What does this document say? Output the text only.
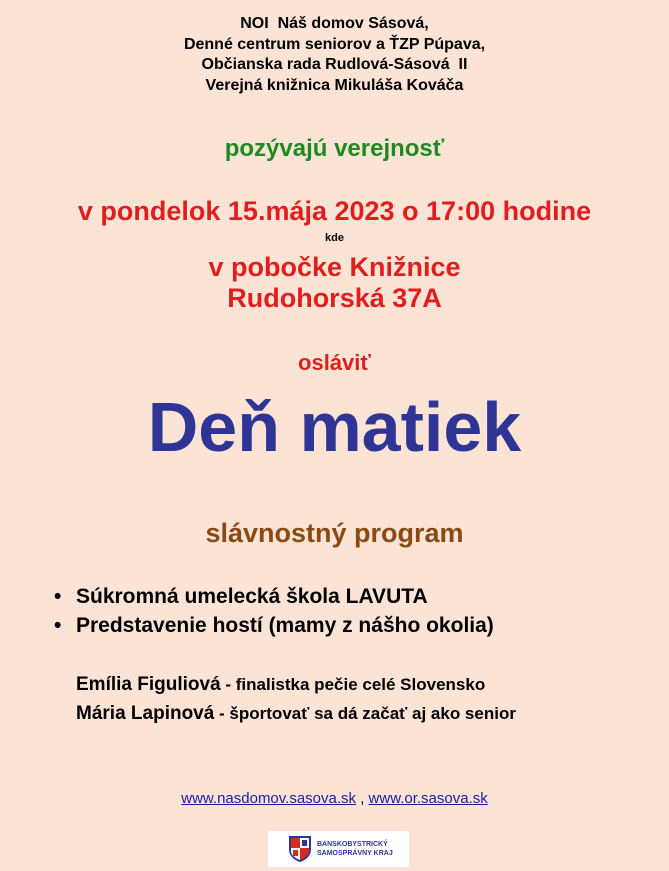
NOI  Náš domov Sásová,
Denné centrum seniorov a ŤZP Púpava,
Občianska rada Rudlová-Sásová  II
Verejná knižnica Mikuláša Kováča
pozývajú verejnosť
v pondelok 15.mája 2023 o 17:00 hodine
kde
v pobočke Knižnice
Rudohorská 37A
osláviť
Deň matiek
slávnostný program
• Súkromná umelecká škola LAVUTA
• Predstavenie hostí (mamy z nášho okolia)
Emília Figuliová - finalistka pečie celé Slovensko
Mária Lapinová - športovať sa dá začať aj ako senior
www.nasdomov.sasova.sk , www.or.sasova.sk
BANSKOBYSTRICKÝ
SAMOSPRÁVNY KRAJ
